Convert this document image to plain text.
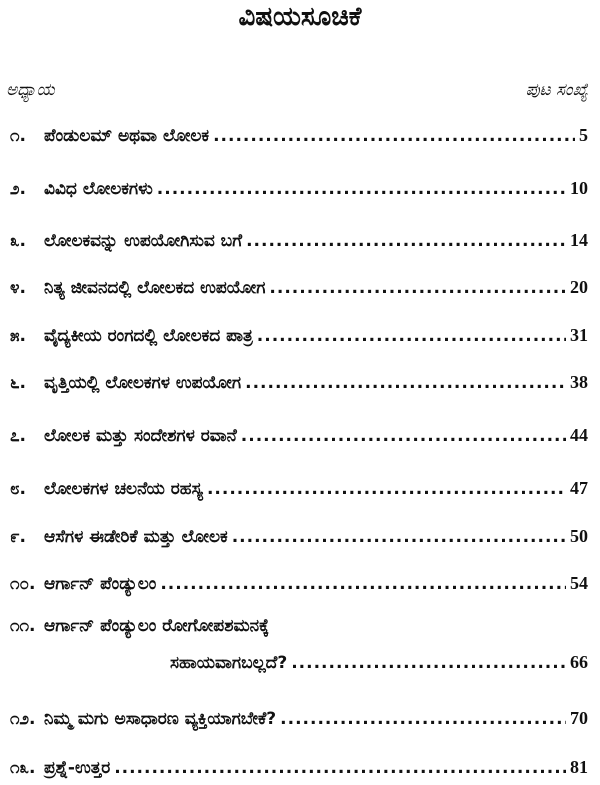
ವಿಷಯಸೂಚಿಕೆ
ಅಧ್ಯಾಯ	ಪುಟ ಸಂಖ್ಯೆ
೧.	ಪೆಂಡುಲಮ್ ಅಥವಾ ಲೋಲಕ .....	5
೨.	ವಿವಿಧ ಲೋಲಕಗಳು .....	10
೩.	ಲೋಲಕವನ್ನು ಉಪಯೋಗಿಸುವ ಬಗೆ .....	14
೪.	ನಿತ್ಯ ಜೀವನದಲ್ಲಿ ಲೋಲಕದ ಉಪಯೋಗ .....	20
೫.	ವೈದ್ಯಕೀಯ ರಂಗದಲ್ಲಿ ಲೋಲಕದ ಪಾತ್ರ .....	31
೬.	ವೃತ್ತಿಯಲ್ಲಿ ಲೋಲಕಗಳ ಉಪಯೋಗ .....	38
೭.	ಲೋಲಕ ಮತ್ತು ಸಂದೇಶಗಳ ರವಾನೆ .....	44
೮.	ಲೋಲಕಗಳ ಚಲನೆಯ ರಹಸ್ಯ .....	47
೯.	ಆಸೆಗಳ ಈಡೇರಿಕೆ ಮತ್ತು ಲೋಲಕ .....	50
೧೦. ಆರ್ಗಾನ್ ಪೆಂಡ್ಯುಲಂ .....	54
೧೧. ಆರ್ಗಾನ್ ಪೆಂಡ್ಯುಲಂ ರೋಗೋಪಶಮನಕ್ಕೆ
ಸಹಾಯವಾಗಬಲ್ಲದೆ? .....	66
೧೨. ನಿಮ್ಮ ಮಗು ಅಸಾಧಾರಣ ವ್ಯಕ್ತಿಯಾಗಬೇಕೆ? .....	70
೧೩. ಪ್ರಶ್ನೆ-ಉತ್ತರ .....	81
